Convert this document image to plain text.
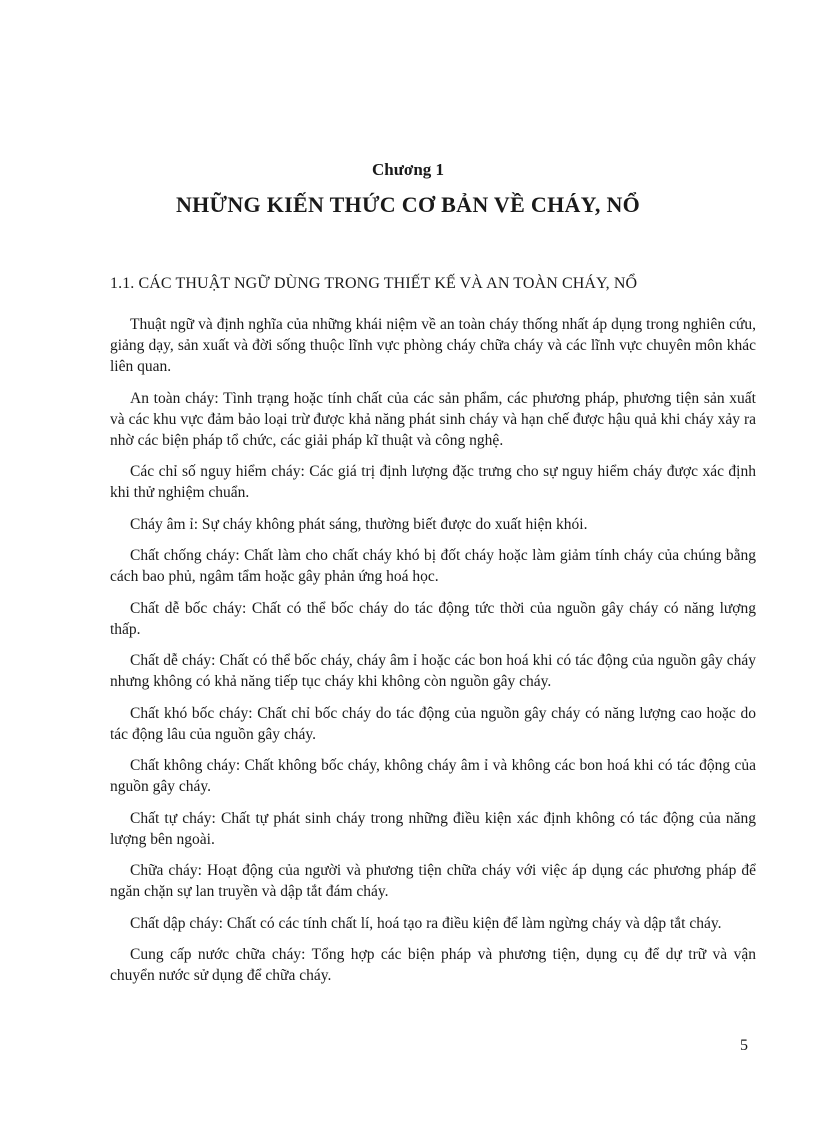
Chương 1
NHỮNG KIẾN THỨC CƠ BẢN VỀ CHÁY, NỔ
1.1. CÁC THUẬT NGỮ DÙNG TRONG THIẾT KẾ VÀ AN TOÀN CHÁY, NỔ

Thuật ngữ và định nghĩa của những khái niệm về an toàn cháy thống nhất áp dụng trong nghiên cứu, giảng dạy, sản xuất và đời sống thuộc lĩnh vực phòng cháy chữa cháy và các lĩnh vực chuyên môn khác liên quan.

An toàn cháy: Tình trạng hoặc tính chất của các sản phẩm, các phương pháp, phương tiện sản xuất và các khu vực đảm bảo loại trừ được khả năng phát sinh cháy và hạn chế được hậu quả khi cháy xảy ra nhờ các biện pháp tổ chức, các giải pháp kĩ thuật và công nghệ.

Các chỉ số nguy hiểm cháy: Các giá trị định lượng đặc trưng cho sự nguy hiểm cháy được xác định khi thử nghiệm chuẩn.

Cháy âm ỉ: Sự cháy không phát sáng, thường biết được do xuất hiện khói.

Chất chống cháy: Chất làm cho chất cháy khó bị đốt cháy hoặc làm giảm tính cháy của chúng bằng cách bao phủ, ngâm tẩm hoặc gây phản ứng hoá học.

Chất dễ bốc cháy: Chất có thể bốc cháy do tác động tức thời của nguồn gây cháy có năng lượng thấp.

Chất dễ cháy: Chất có thể bốc cháy, cháy âm ỉ hoặc các bon hoá khi có tác động của nguồn gây cháy nhưng không có khả năng tiếp tục cháy khi không còn nguồn gây cháy.

Chất khó bốc cháy: Chất chỉ bốc cháy do tác động của nguồn gây cháy có năng lượng cao hoặc do tác động lâu của nguồn gây cháy.

Chất không cháy: Chất không bốc cháy, không cháy âm ỉ và không các bon hoá khi có tác động của nguồn gây cháy.

Chất tự cháy: Chất tự phát sinh cháy trong những điều kiện xác định không có tác động của năng lượng bên ngoài.

Chữa cháy: Hoạt động của người và phương tiện chữa cháy với việc áp dụng các phương pháp để ngăn chặn sự lan truyền và dập tắt đám cháy.

Chất dập cháy: Chất có các tính chất lí, hoá tạo ra điều kiện để làm ngừng cháy và dập tắt cháy.

Cung cấp nước chữa cháy: Tổng hợp các biện pháp và phương tiện, dụng cụ để dự trữ và vận chuyển nước sử dụng để chữa cháy.

5
